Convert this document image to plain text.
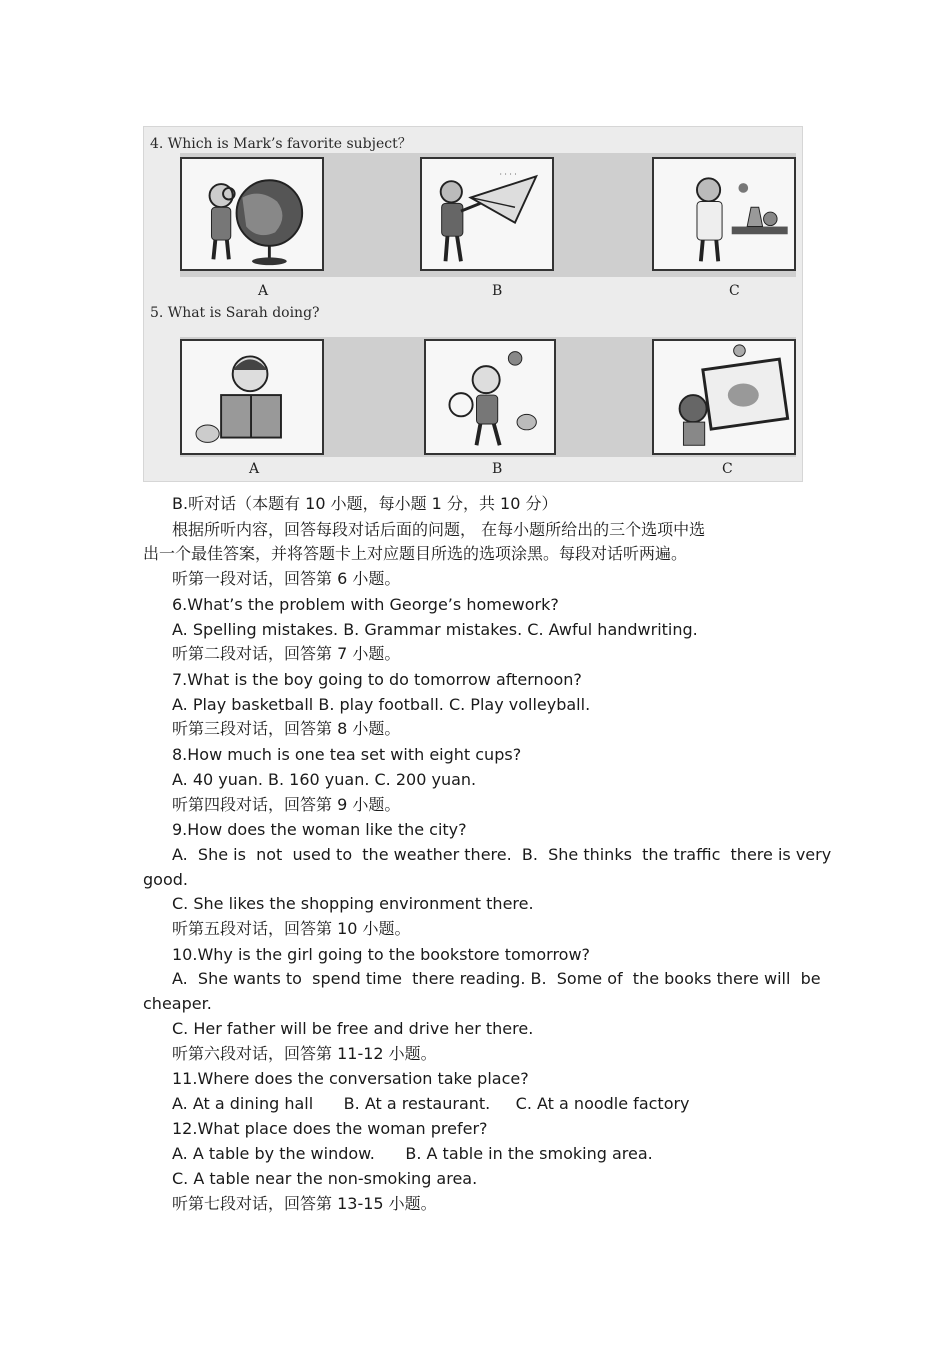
4. Which is Mark’s favorite subject？
· · · ·
A	B	C
5. What is Sarah doing?
A	B	C
B.听对话（本题有 10 小题，每小题 1 分，共 10 分）
根据所听内容，回答每段对话后面的问题， 在每小题所给出的三个选项中选
出一个最佳答案，并将答题卡上对应题目所选的选项涂黑。每段对话听两遍。
听第一段对话，回答第 6 小题。
6.What’s the problem with George’s homework?
A. Spelling mistakes. B. Grammar mistakes. C. Awful handwriting.
听第二段对话，回答第 7 小题。
7.What is the boy going to do tomorrow afternoon?
A. Play basketball B. play football. C. Play volleyball.
听第三段对话，回答第 8 小题。
8.How much is one tea set with eight cups?
A. 40 yuan. B. 160 yuan. C. 200 yuan.
听第四段对话，回答第 9 小题。
9.How does the woman like the city?
A.  She is  not  used to  the weather there.  B.  She thinks  the traffic  there is very
good.
C. She likes the shopping environment there.
听第五段对话，回答第 10 小题。
10.Why is the girl going to the bookstore tomorrow?
A.  She wants to  spend time  there reading. B.  Some of  the books there will  be
cheaper.
C. Her father will be free and drive her there.
听第六段对话，回答第 11-12 小题。
11.Where does the conversation take place?
A. At a dining hall      B. At a restaurant.     C. At a noodle factory
12.What place does the woman prefer?
A. A table by the window.      B. A table in the smoking area.
C. A table near the non-smoking area.
听第七段对话，回答第 13-15 小题。
